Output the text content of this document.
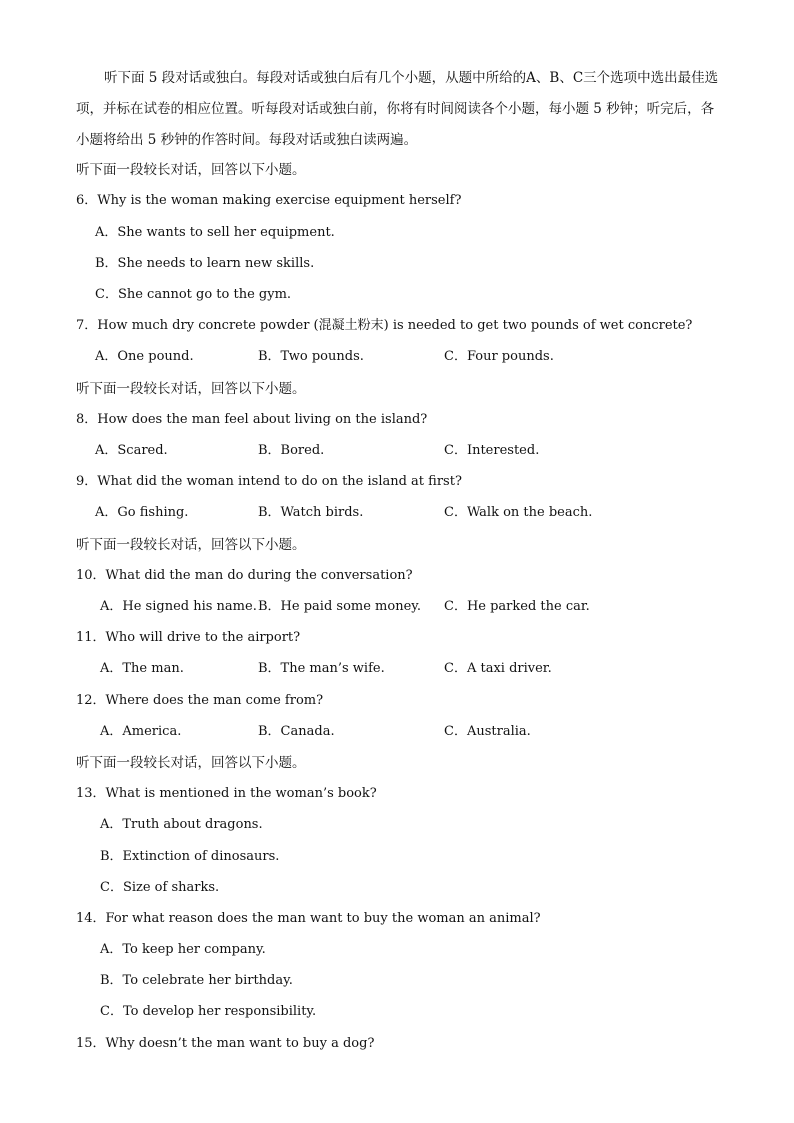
听下面 5 段对话或独白。每段对话或独白后有几个小题，从题中所给的A、B、C三个选项中选出最佳选项，并标在试卷的相应位置。听每段对话或独白前，你将有时间阅读各个小题，每小题 5 秒钟；听完后，各小题将给出 5 秒钟的作答时间。每段对话或独白读两遍。
听下面一段较长对话，回答以下小题。
6．Why is the woman making exercise equipment herself?
A．She wants to sell her equipment.
B．She needs to learn new skills.
C．She cannot go to the gym.
7．How much dry concrete powder (混凝土粉末) is needed to get two pounds of wet concrete?
A．One pound.	B．Two pounds.	C．Four pounds.
听下面一段较长对话，回答以下小题。
8．How does the man feel about living on the island?
A．Scared.	B．Bored.	C．Interested.
9．What did the woman intend to do on the island at first?
A．Go fishing.	B．Watch birds.	C．Walk on the beach.
听下面一段较长对话，回答以下小题。
10．What did the man do during the conversation?
A．He signed his name. B．He paid some money. C．He parked the car.
11．Who will drive to the airport?
A．The man.	B．The man’s wife.	C．A taxi driver.
12．Where does the man come from?
A．America.	B．Canada.	C．Australia.
听下面一段较长对话，回答以下小题。
13．What is mentioned in the woman’s book?
A．Truth about dragons.
B．Extinction of dinosaurs.
C．Size of sharks.
14．For what reason does the man want to buy the woman an animal?
A．To keep her company.
B．To celebrate her birthday.
C．To develop her responsibility.
15．Why doesn’t the man want to buy a dog?
